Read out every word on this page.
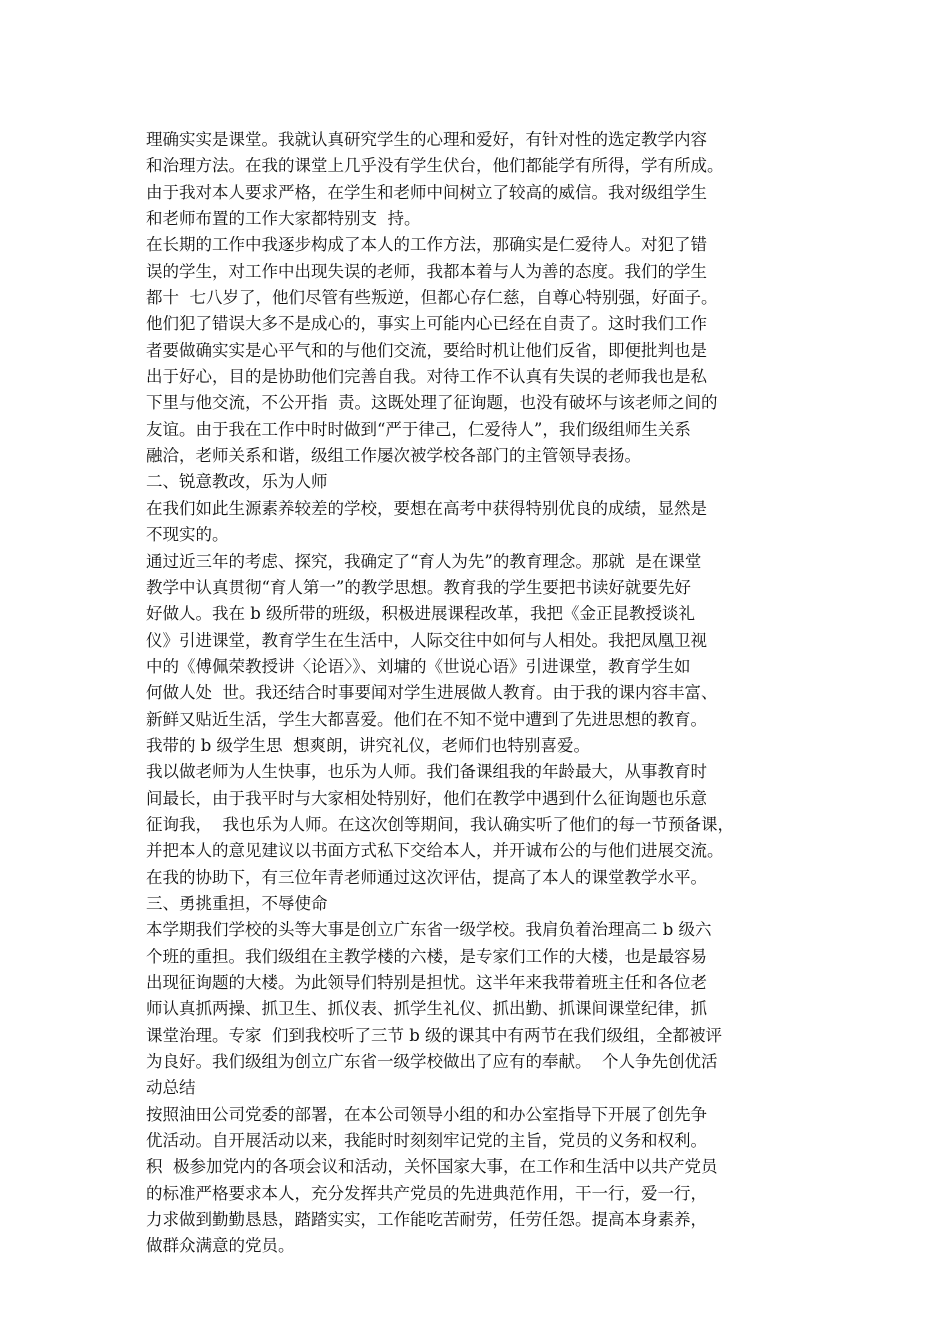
理确实实是课堂。我就认真研究学生的心理和爱好，有针对性的选定教学内容
和治理方法。在我的课堂上几乎没有学生伏台，他们都能学有所得，学有所成。
由于我对本人要求严格，在学生和老师中间树立了较高的威信。我对级组学生
和老师布置的工作大家都特别支  持。
在长期的工作中我逐步构成了本人的工作方法，那确实是仁爱待人。对犯了错
误的学生，对工作中出现失误的老师，我都本着与人为善的态度。我们的学生
都十  七八岁了，他们尽管有些叛逆，但都心存仁慈，自尊心特别强，好面子。
他们犯了错误大多不是成心的，事实上可能内心已经在自责了。这时我们工作
者要做确实实是心平气和的与他们交流，要给时机让他们反省，即便批判也是
出于好心，目的是协助他们完善自我。对待工作不认真有失误的老师我也是私
下里与他交流，不公开指  责。这既处理了征询题，也没有破坏与该老师之间的
友谊。由于我在工作中时时做到“严于律己，仁爱待人”，我们级组师生关系
融洽，老师关系和谐，级组工作屡次被学校各部门的主管领导表扬。
二、锐意教改，乐为人师
在我们如此生源素养较差的学校，要想在高考中获得特别优良的成绩，显然是
不现实的。
通过近三年的考虑、探究，我确定了“育人为先”的教育理念。那就  是在课堂
教学中认真贯彻“育人第一”的教学思想。教育我的学生要把书读好就要先好
好做人。我在 b 级所带的班级，积极进展课程改革，我把《金正昆教授谈礼
仪》引进课堂，教育学生在生活中，人际交往中如何与人相处。我把凤凰卫视
中的《傅佩荣教授讲〈论语〉》、刘墉的《世说心语》引进课堂，教育学生如
何做人处  世。我还结合时事要闻对学生进展做人教育。由于我的课内容丰富、
新鲜又贴近生活，学生大都喜爱。他们在不知不觉中遭到了先进思想的教育。
我带的 b 级学生思  想爽朗，讲究礼仪，老师们也特别喜爱。
我以做老师为人生快事，也乐为人师。我们备课组我的年龄最大，从事教育时
间最长，由于我平时与大家相处特别好，他们在教学中遇到什么征询题也乐意
征询我，  我也乐为人师。在这次创等期间，我认确实听了他们的每一节预备课，
并把本人的意见建议以书面方式私下交给本人，并开诚布公的与他们进展交流。
在我的协助下，有三位年青老师通过这次评估，提高了本人的课堂教学水平。
三、勇挑重担，不辱使命
本学期我们学校的头等大事是创立广东省一级学校。我肩负着治理高二 b 级六
个班的重担。我们级组在主教学楼的六楼，是专家们工作的大楼，也是最容易
出现征询题的大楼。为此领导们特别是担忧。这半年来我带着班主任和各位老
师认真抓两操、抓卫生、抓仪表、抓学生礼仪、抓出勤、抓课间课堂纪律，抓
课堂治理。专家  们到我校听了三节 b 级的课其中有两节在我们级组，全都被评
为良好。我们级组为创立广东省一级学校做出了应有的奉献。  个人争先创优活
动总结
按照油田公司党委的部署，在本公司领导小组的和办公室指导下开展了创先争
优活动。自开展活动以来，我能时时刻刻牢记党的主旨，党员的义务和权利。
积  极参加党内的各项会议和活动，关怀国家大事，在工作和生活中以共产党员
的标准严格要求本人，充分发挥共产党员的先进典范作用，干一行，爱一行，
力求做到勤勤恳恳，踏踏实实，工作能吃苦耐劳，任劳任怨。提高本身素养，
做群众满意的党员。
